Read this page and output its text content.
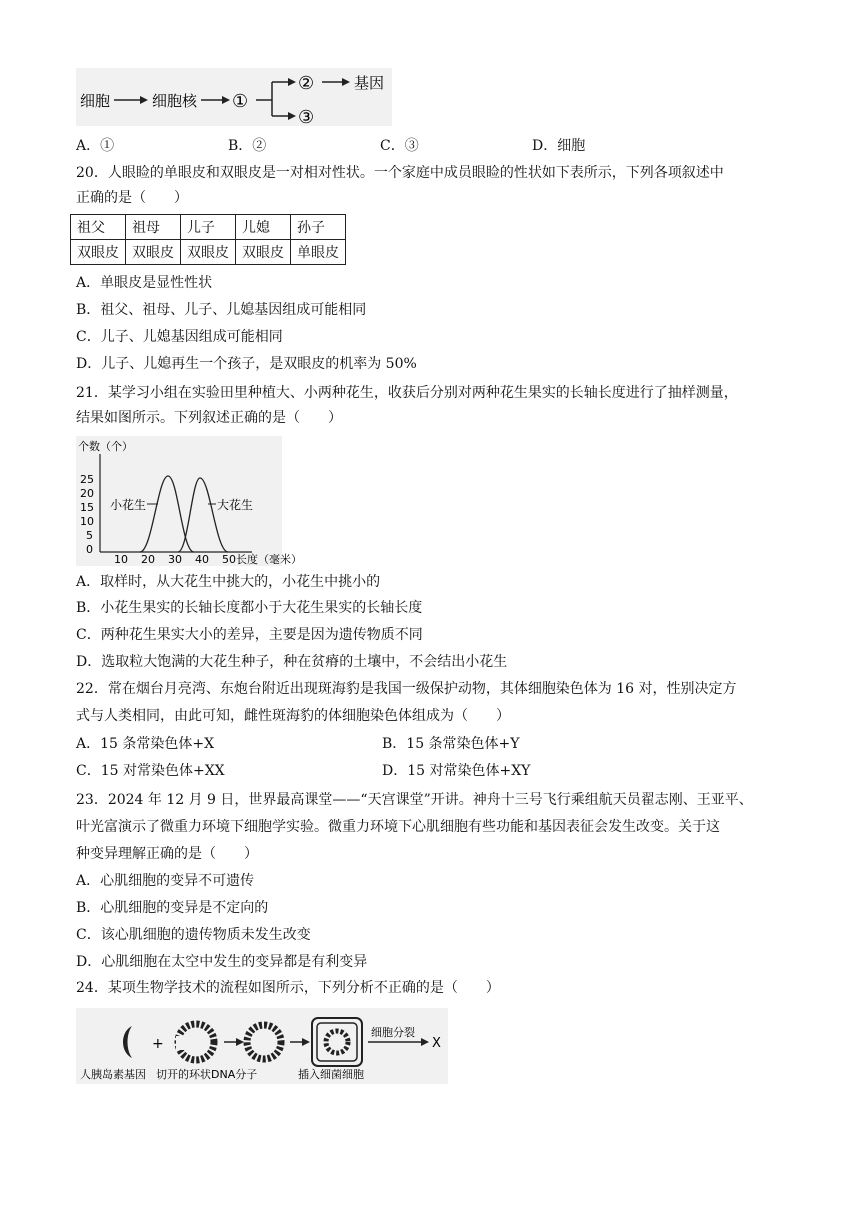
细胞	细胞核 ①
②
③
基因
A．①	B．②	C．③	D．细胞
20．人眼睑的单眼皮和双眼皮是一对相对性状。一个家庭中成员眼睑的性状如下表所示，下列各项叙述中
正确的是（　　）
祖父	祖母	儿子	儿媳	孙子
双眼皮	双眼皮	双眼皮	双眼皮	单眼皮
A．单眼皮是显性性状
B．祖父、祖母、儿子、儿媳基因组成可能相同
C．儿子、儿媳基因组成可能相同
D．儿子、儿媳再生一个孩子，是双眼皮的机率为 50%
21．某学习小组在实验田里种植大、小两种花生，收获后分别对两种花生果实的长轴长度进行了抽样测量，
结果如图所示。下列叙述正确的是（　　）
个数（个）
25
20
15
10
5
0
10 20 30 40 50 长度（毫米）
小花生	大花生
A．取样时，从大花生中挑大的，小花生中挑小的
B．小花生果实的长轴长度都小于大花生果实的长轴长度
C．两种花生果实大小的差异，主要是因为遗传物质不同
D．选取粒大饱满的大花生种子，种在贫瘠的土壤中，不会结出小花生
22．常在烟台月亮湾、东炮台附近出现斑海豹是我国一级保护动物，其体细胞染色体为 16 对，性别决定方
式与人类相同，由此可知，雌性斑海豹的体细胞染色体组成为（　　）
A．15 条常染色体+X	B．15 条常染色体+Y
C．15 对常染色体+XX	D．15 对常染色体+XY
23．2024 年 12 月 9 日，世界最高课堂——“天宫课堂”开讲。神舟十三号飞行乘组航天员翟志刚、王亚平、
叶光富演示了微重力环境下细胞学实验。微重力环境下心肌细胞有些功能和基因表征会发生改变。关于这
种变异理解正确的是（　　）
A．心肌细胞的变异不可遗传
B．心肌细胞的变异是不定向的
C．该心肌细胞的遗传物质未发生改变
D．心肌细胞在太空中发生的变异都是有利变异
24．某项生物学技术的流程如图所示，下列分析不正确的是（　　）
+
细胞分裂
X
人胰岛素基因 切开的环状DNA分子	插入细菌细胞
